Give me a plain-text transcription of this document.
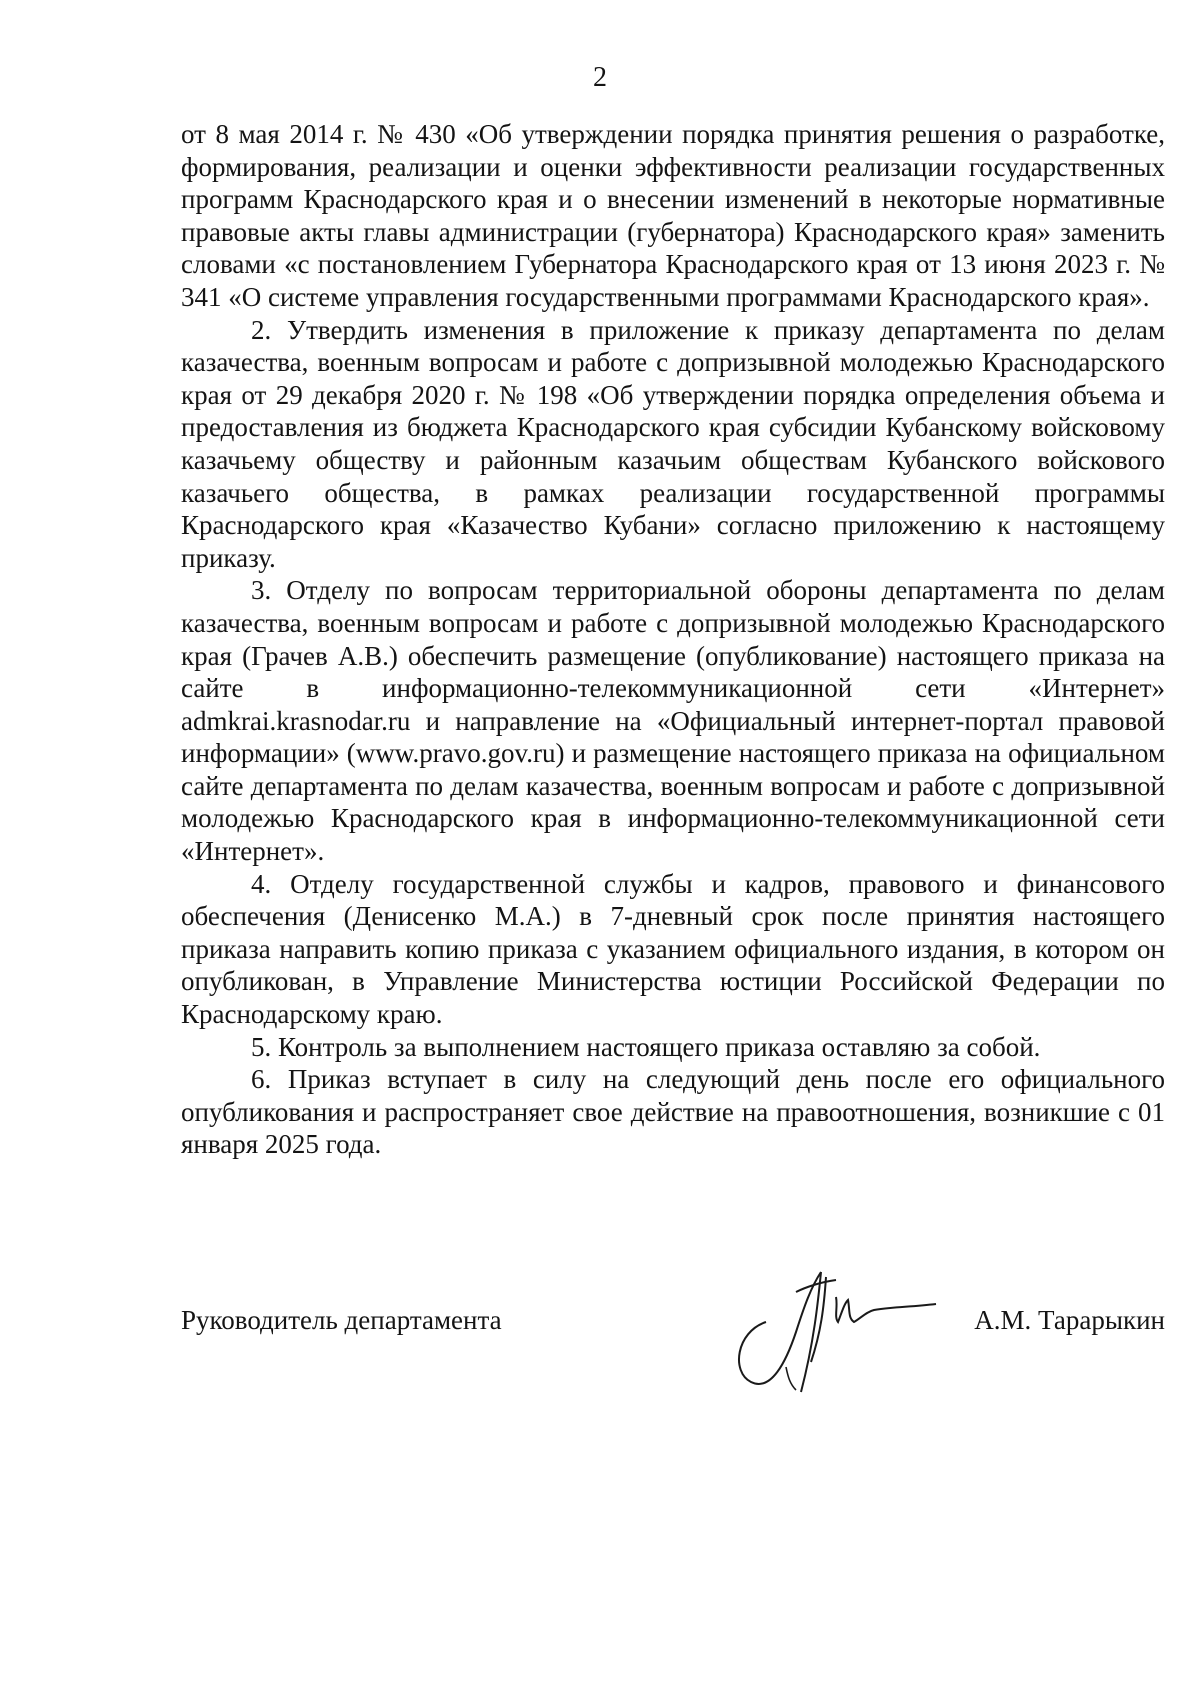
2

от 8 мая 2014 г. № 430 «Об утверждении порядка принятия решения о разработке, формирования, реализации и оценки эффективности реализации государственных программ Краснодарского края и о внесении изменений в некоторые нормативные правовые акты главы администрации (губернатора) Краснодарского края» заменить словами «с постановлением Губернатора Краснодарского края от 13 июня 2023 г. № 341 «О системе управления государственными программами Краснодарского края».

2. Утвердить изменения в приложение к приказу департамента по делам казачества, военным вопросам и работе с допризывной молодежью Краснодарского края от 29 декабря 2020 г. № 198 «Об утверждении порядка определения объема и предоставления из бюджета Краснодарского края субсидии Кубанскому войсковому казачьему обществу и районным казачьим обществам Кубанского войскового казачьего общества, в рамках реализации государственной программы Краснодарского края «Казачество Кубани» согласно приложению к настоящему приказу.

3. Отделу по вопросам территориальной обороны департамента по делам казачества, военным вопросам и работе с допризывной молодежью Краснодарского края (Грачев А.В.) обеспечить размещение (опубликование) настоящего приказа на сайте в информационно-телекоммуникационной сети «Интернет» admkrai.krasnodar.ru и направление на «Официальный интернет-портал правовой информации» (www.pravo.gov.ru) и размещение настоящего приказа на официальном сайте департамента по делам казачества, военным вопросам и работе с допризывной молодежью Краснодарского края в информационно-телекоммуникационной сети «Интернет».

4. Отделу государственной службы и кадров, правового и финансового обеспечения (Денисенко М.А.) в 7-дневный срок после принятия настоящего приказа направить копию приказа с указанием официального издания, в котором он опубликован, в Управление Министерства юстиции Российской Федерации по Краснодарскому краю.

5. Контроль за выполнением настоящего приказа оставляю за собой.

6. Приказ вступает в силу на следующий день после его официального опубликования и распространяет свое действие на правоотношения, возникшие с 01 января 2025 года.

Руководитель департамента	А.М. Тарарыкин
